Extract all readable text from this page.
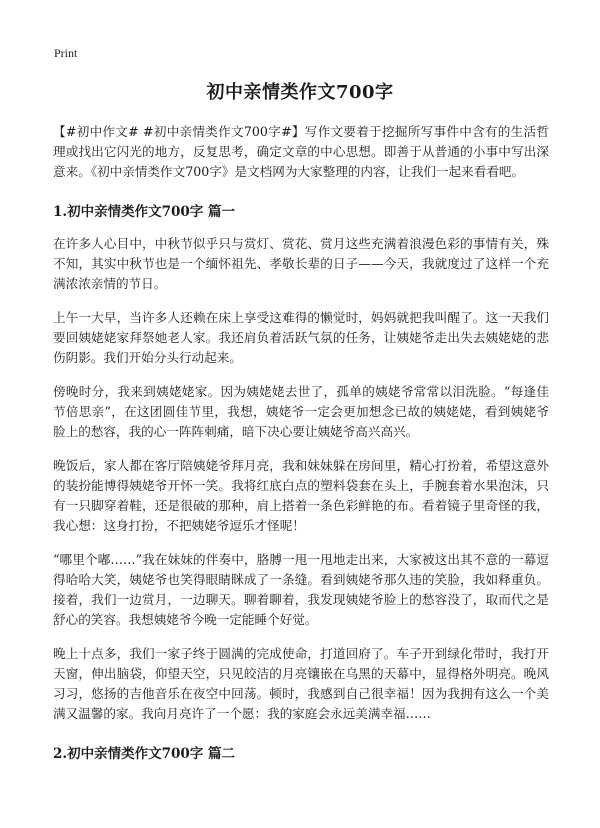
Print
初中亲情类作文700字

【#初中作文# #初中亲情类作文700字#】写作文要着于挖掘所写事件中含有的生活哲理或找出它闪光的地方，反复思考，确定文章的中心思想。即善于从普通的小事中写出深意来。《初中亲情类作文700字》是文档网为大家整理的内容，让我们一起来看看吧。

1.初中亲情类作文700字 篇一

在许多人心目中，中秋节似乎只与赏灯、赏花、赏月这些充满着浪漫色彩的事情有关，殊不知，其实中秋节也是一个缅怀祖先、孝敬长辈的日子——今天，我就度过了这样一个充满浓浓亲情的节日。

上午一大早，当许多人还赖在床上享受这难得的懒觉时，妈妈就把我叫醒了。这一天我们要回姨姥姥家拜祭她老人家。我还肩负着活跃气氛的任务，让姨姥爷走出失去姨姥姥的悲伤阴影。我们开始分头行动起来。

傍晚时分，我来到姨姥姥家。因为姨姥姥去世了，孤单的姨姥爷常常以泪洗脸。“每逢佳节倍思亲”，在这团圆佳节里，我想，姨姥爷一定会更加想念已故的姨姥姥，看到姨姥爷脸上的愁容，我的心一阵阵刺痛，暗下决心要让姨姥爷高兴高兴。

晚饭后，家人都在客厅陪姨姥爷拜月亮，我和妹妹躲在房间里，精心打扮着，希望这意外的装扮能博得姨姥爷开怀一笑。我将红底白点的塑料袋套在头上，手腕套着水果泡沫，只有一只脚穿着鞋，还是很破的那种，肩上搭着一条色彩鲜艳的布。看着镜子里奇怪的我，我心想：这身打扮，不把姨姥爷逗乐才怪呢！

“哪里个嘟……”我在妹妹的伴奏中，胳膊一甩一甩地走出来，大家被这出其不意的一幕逗得哈哈大笑，姨姥爷也笑得眼睛眯成了一条缝。看到姨姥爷那久违的笑脸，我如释重负。接着，我们一边赏月，一边聊天。聊着聊着，我发现姨姥爷脸上的愁容没了，取而代之是舒心的笑容。我想姨姥爷今晚一定能睡个好觉。

晚上十点多，我们一家子终于圆满的完成使命，打道回府了。车子开到绿化带时，我打开天窗，伸出脑袋，仰望天空，只见皎洁的月亮镶嵌在乌黑的天幕中，显得格外明亮。晚风习习，悠扬的吉他音乐在夜空中回荡。顿时，我感到自己很幸福！因为我拥有这么一个美满又温馨的家。我向月亮许了一个愿：我的家庭会永远美满幸福……

2.初中亲情类作文700字 篇二
